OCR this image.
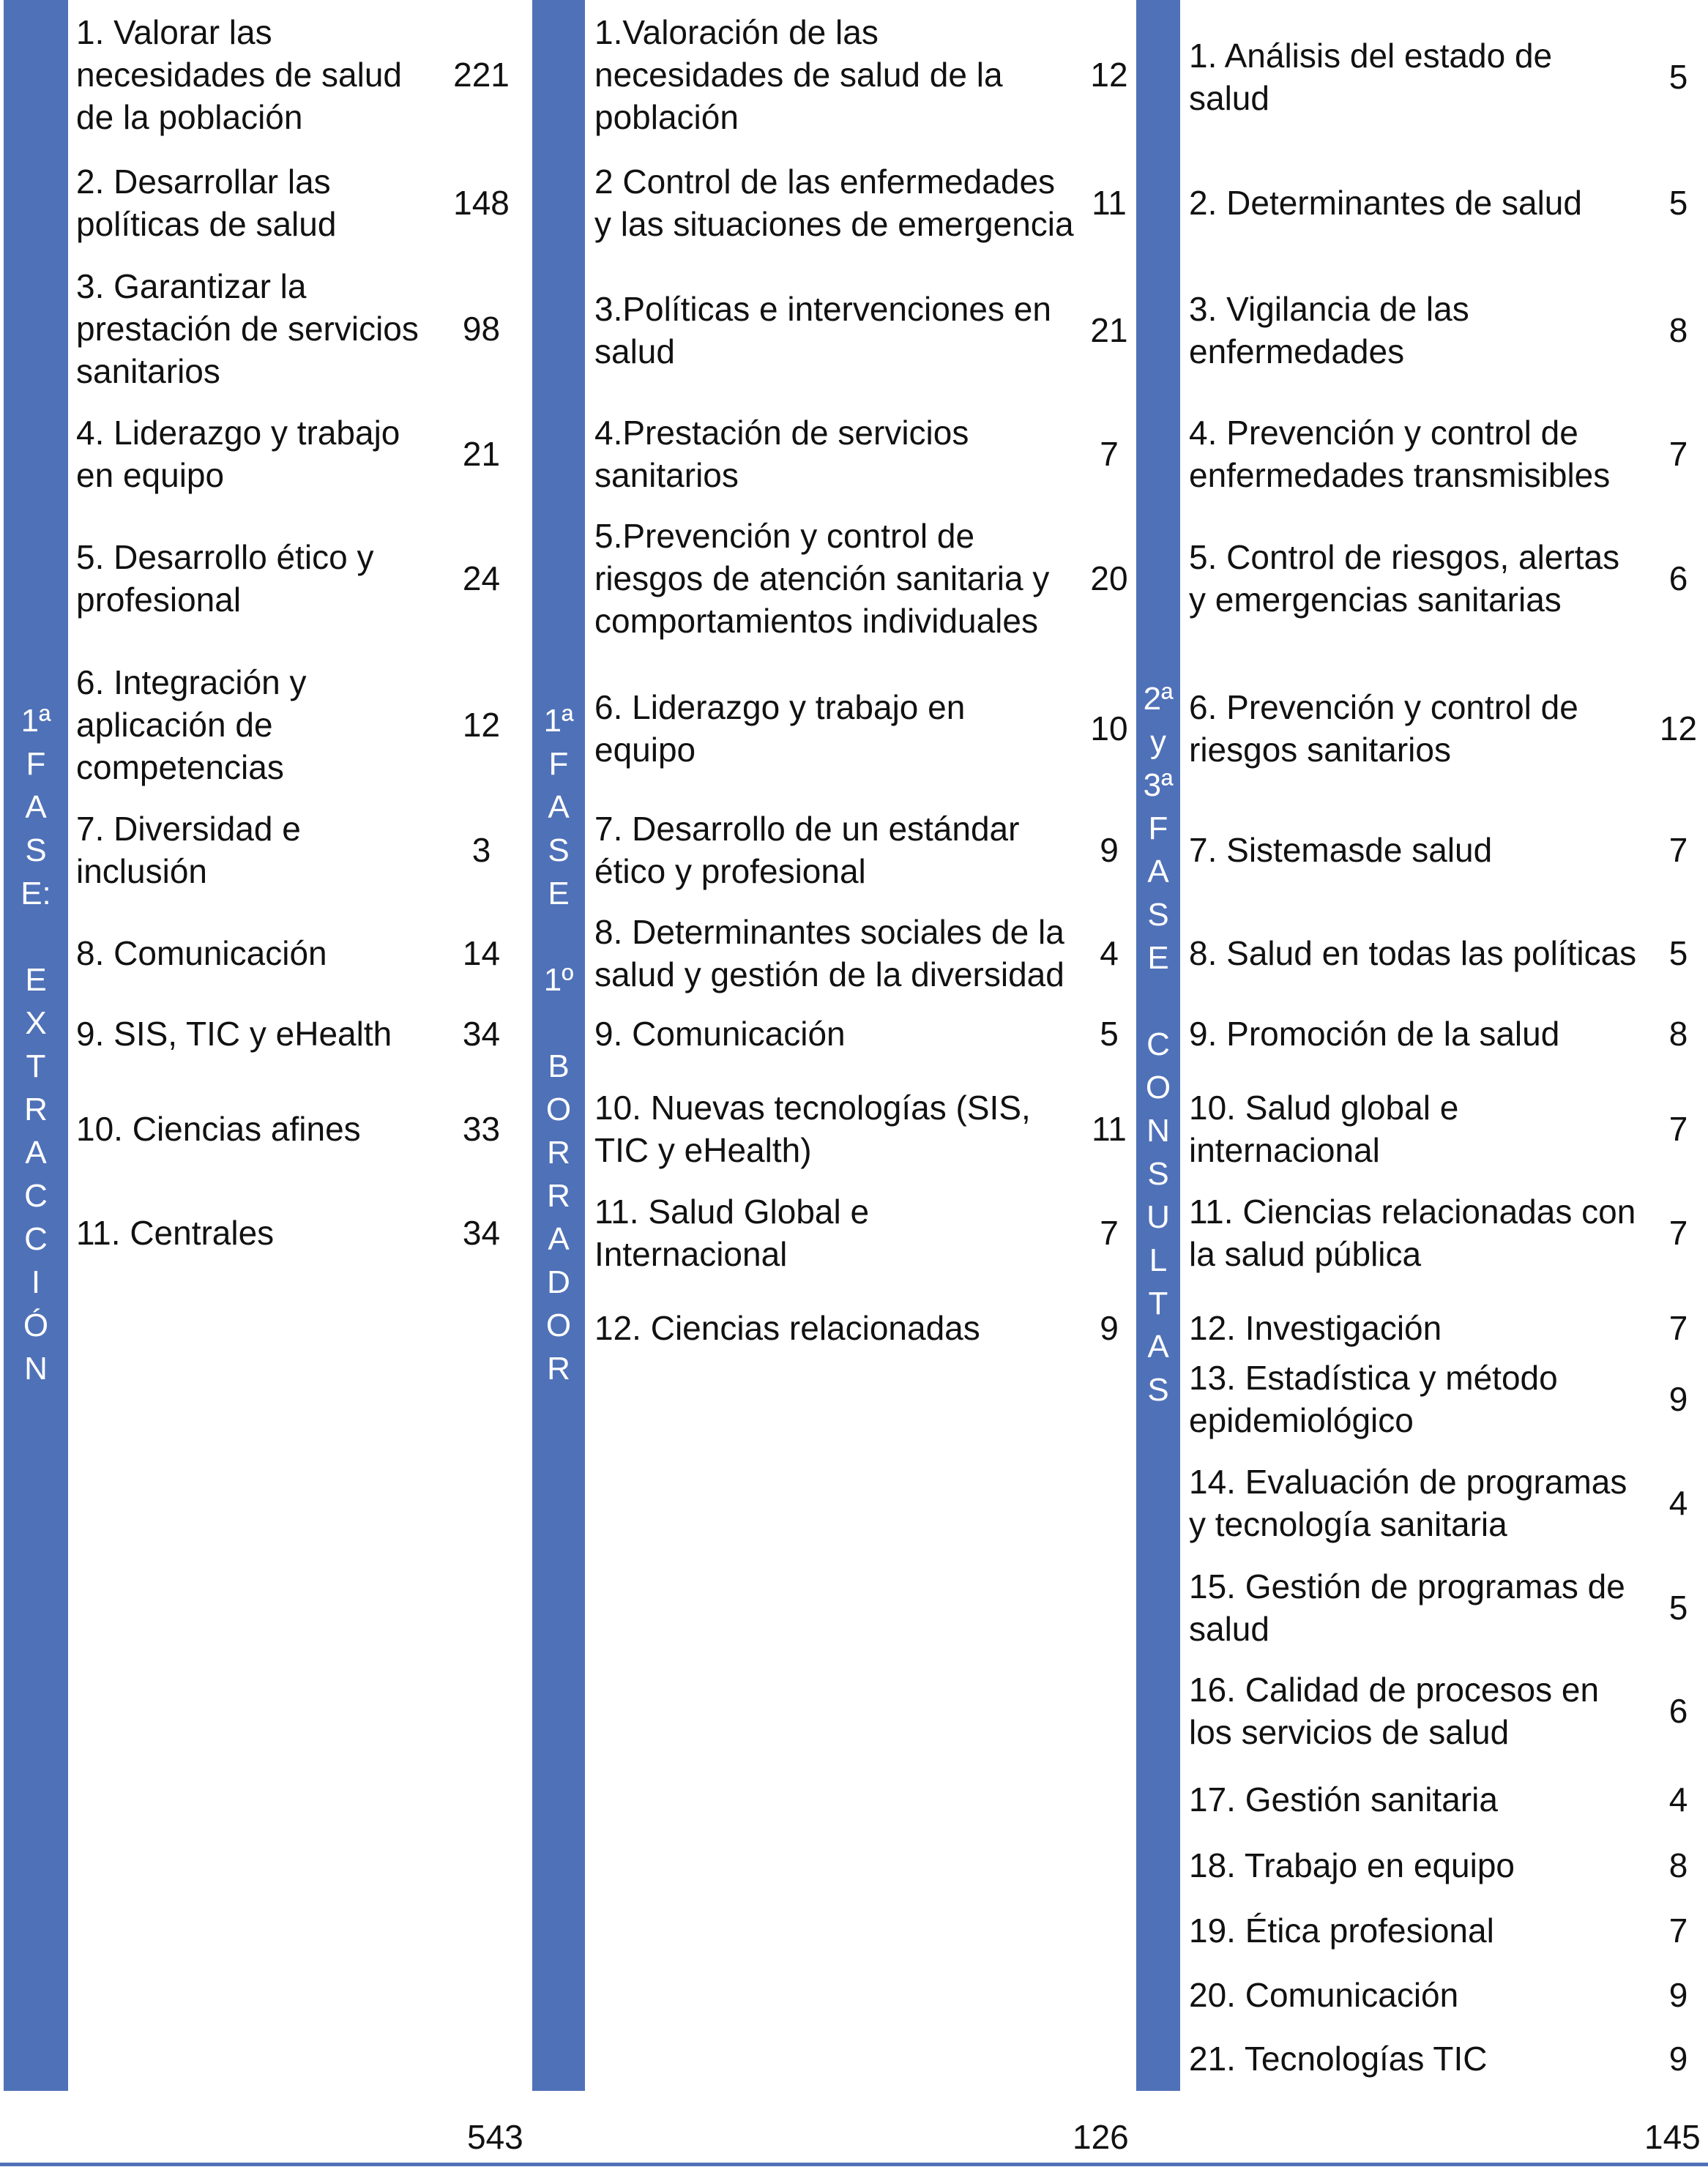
1ª
F
A
S
E:

E
X
T
R
A
C
C
I
Ó
N
1. Valorar las
necesidades de salud
de la población
221
2. Desarrollar las
políticas de salud
148
3. Garantizar la
prestación de servicios
sanitarios
98
4. Liderazgo y trabajo
en equipo
21
5. Desarrollo ético y
profesional
24
6. Integración y
aplicación de
competencias
12
7. Diversidad e
inclusión
3
8. Comunicación	14
9. SIS, TIC y eHealth	34
10. Ciencias afines	33
11. Centrales	34
543
1ª
F
A
S
E

1º

B
O
R
R
A
D
O
R
1.Valoración de las
necesidades de salud de la
población
12
2 Control de las enfermedades
y las situaciones de emergencia
11
3.Políticas e intervenciones en
salud
21
4.Prestación de servicios
sanitarios
7
5.Prevención y control de
riesgos de atención sanitaria y
comportamientos individuales
20
6. Liderazgo y trabajo en
equipo
10
7. Desarrollo de un estándar
ético y profesional
9
8. Determinantes sociales de la
salud y gestión de la diversidad
4
9. Comunicación	5
10. Nuevas tecnologías (SIS,
TIC y eHealth)
11
11. Salud Global e
Internacional
7
12. Ciencias relacionadas	9
126
2ª
y
3ª
F
A
S
E

C
O
N
S
U
L
T
A
S
1. Análisis del estado de
salud
5
2. Determinantes de salud	5
3. Vigilancia de las
enfermedades
8
4. Prevención y control de
enfermedades transmisibles
7
5. Control de riesgos, alertas
y emergencias sanitarias
6
6. Prevención y control de
riesgos sanitarios
12
7. Sistemasde salud	7
8. Salud en todas las políticas 5
9. Promoción de la salud	8
10. Salud global e
internacional
7
11. Ciencias relacionadas con
la salud pública
7
12. Investigación	7
13. Estadística y método
epidemiológico
9
14. Evaluación de programas
y tecnología sanitaria
4
15. Gestión de programas de
salud
5
16. Calidad de procesos en
los servicios de salud
6
17. Gestión sanitaria	4
18. Trabajo en equipo	8
19. Ética profesional	7
20. Comunicación	9
21. Tecnologías TIC	9
145
